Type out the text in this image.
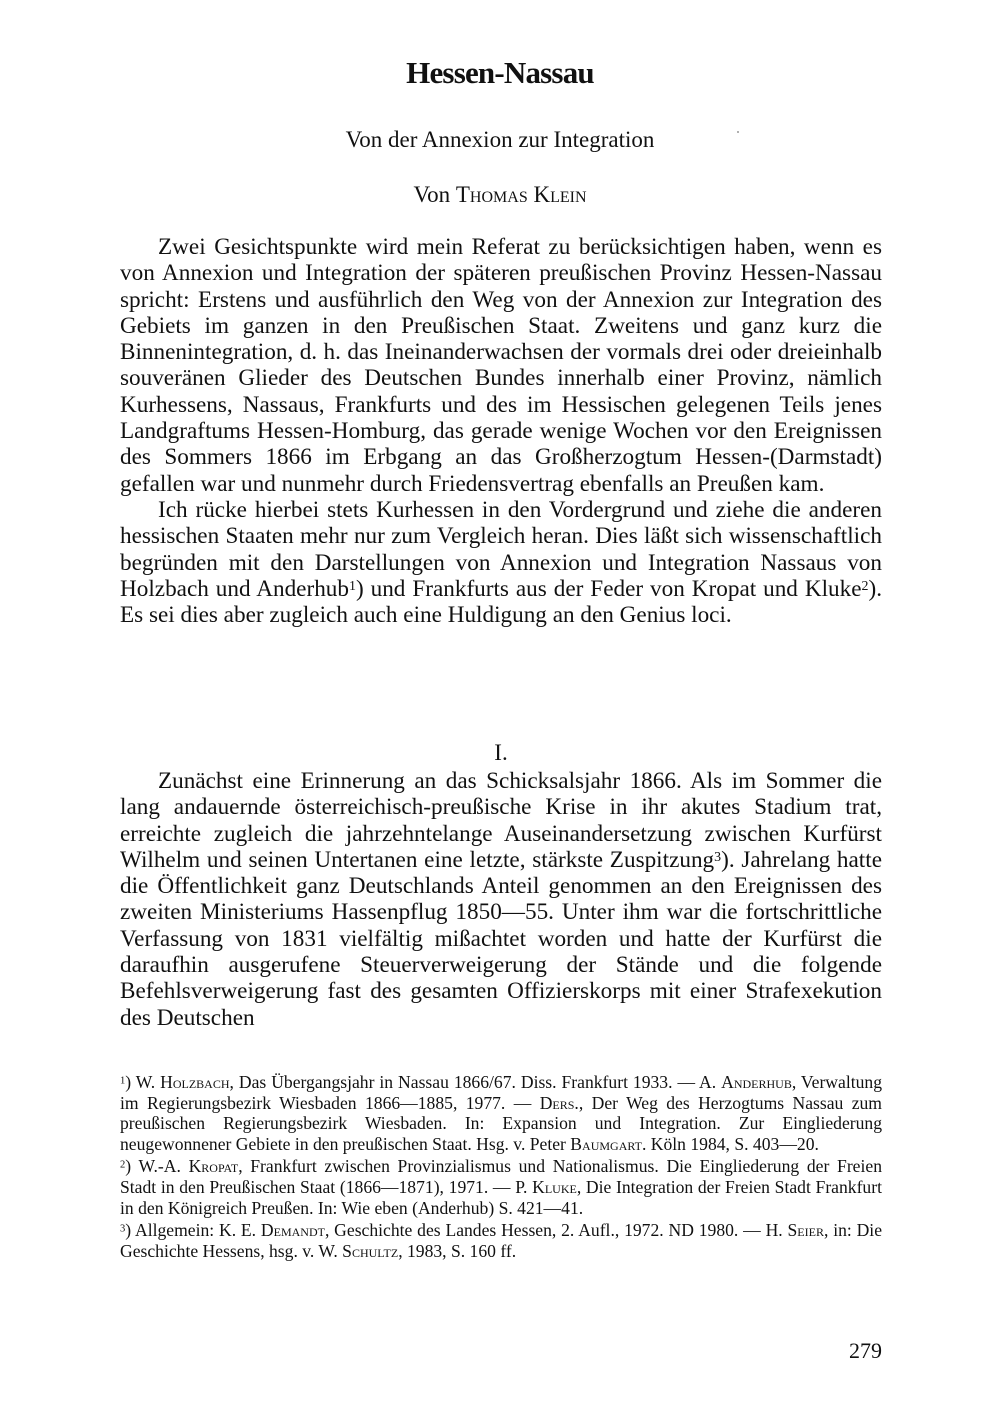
Hessen-Nassau
Von der Annexion zur Integration
Von Thomas Klein

Zwei Gesichtspunkte wird mein Referat zu berücksichtigen haben, wenn es von Annexion und Integration der späteren preußischen Provinz Hessen-Nassau spricht: Erstens und ausführlich den Weg von der Annexion zur Integration des Gebiets im ganzen in den Preußischen Staat. Zweitens und ganz kurz die Binnenintegration, d. h. das Ineinanderwachsen der vormals drei oder dreieinhalb souveränen Glieder des Deutschen Bundes innerhalb einer Provinz, nämlich Kurhessens, Nassaus, Frankfurts und des im Hessischen gelegenen Teils jenes Landgraftums Hessen-Homburg, das gerade wenige Wochen vor den Ereignissen des Sommers 1866 im Erbgang an das Großherzogtum Hessen-(Darmstadt) gefallen war und nunmehr durch Friedensvertrag ebenfalls an Preußen kam.

Ich rücke hierbei stets Kurhessen in den Vordergrund und ziehe die anderen hessischen Staaten mehr nur zum Vergleich heran. Dies läßt sich wissenschaftlich begründen mit den Darstellungen von Annexion und Integration Nassaus von Holzbach und Anderhub$^1$) und Frankfurts aus der Feder von Kropat und Kluke$^2$). Es sei dies aber zugleich auch eine Huldigung an den Genius loci.

I.

Zunächst eine Erinnerung an das Schicksalsjahr 1866. Als im Sommer die lang andauernde österreichisch-preußische Krise in ihr akutes Stadium trat, erreichte zugleich die jahrzehntelange Auseinandersetzung zwischen Kurfürst Wilhelm und seinen Untertanen eine letzte, stärkste Zuspitzung$^3$). Jahrelang hatte die Öffentlichkeit ganz Deutschlands Anteil genommen an den Ereignissen des zweiten Ministeriums Hassenpflug 1850—55. Unter ihm war die fortschrittliche Verfassung von 1831 vielfältig mißachtet worden und hatte der Kurfürst die daraufhin ausgerufene Steuerverweigerung der Stände und die folgende Befehlsverweigerung fast des gesamten Offizierskorps mit einer Strafexekution des Deutschen

$^1$) W. Holzbach, Das Übergangsjahr in Nassau 1866/67. Diss. Frankfurt 1933. — A. Anderhub, Verwaltung im Regierungsbezirk Wiesbaden 1866—1885, 1977. — Ders., Der Weg des Herzogtums Nassau zum preußischen Regierungsbezirk Wiesbaden. In: Expansion und Integration. Zur Eingliederung neugewonnener Gebiete in den preußischen Staat. Hsg. v. Peter Baumgart. Köln 1984, S. 403—20.

$^2$) W.-A. Kropat, Frankfurt zwischen Provinzialismus und Nationalismus. Die Eingliederung der Freien Stadt in den Preußischen Staat (1866—1871), 1971. — P. Kluke, Die Integration der Freien Stadt Frankfurt in den Königreich Preußen. In: Wie eben (Anderhub) S. 421—41.

$^3$) Allgemein: K. E. Demandt, Geschichte des Landes Hessen, 2. Aufl., 1972. ND 1980. — H. Seier, in: Die Geschichte Hessens, hsg. v. W. Schultz, 1983, S. 160 ff.

279
